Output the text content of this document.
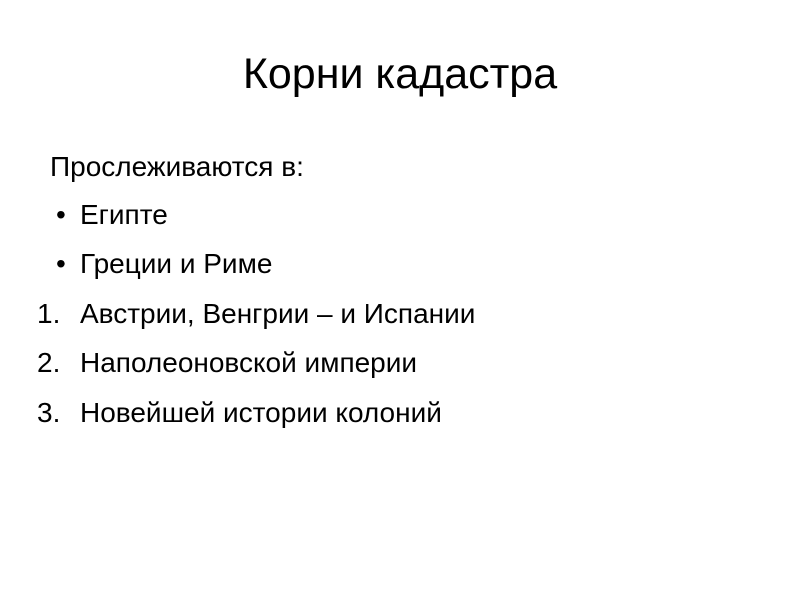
Корни кадастра
Прослеживаются в:
• Египте
• Греции и Риме
1. Австрии, Венгрии – и Испании
2. Наполеоновской империи
3. Новейшей истории колоний
